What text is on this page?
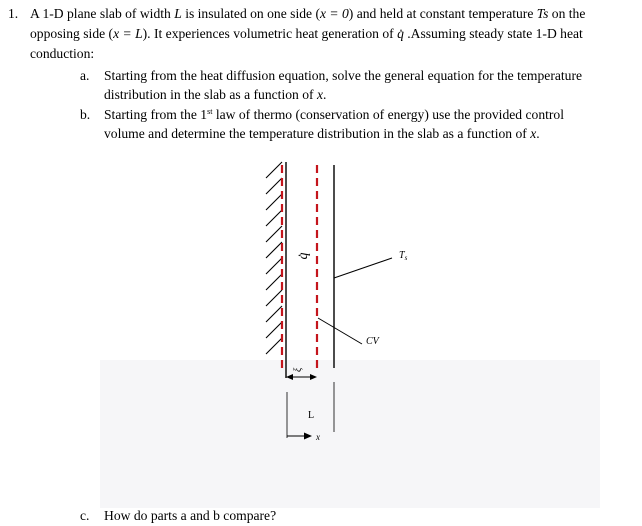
1. A 1-D plane slab of width L is insulated on one side (x = 0) and held at constant temperature Ts on the
opposing side (x = L). It experiences volumetric heat generation of q̇ .Assuming steady state 1-D heat
conduction:
a. Starting from the heat diffusion equation, solve the general equation for the temperature
distribution in the slab as a function of x.
b. Starting from the 1st law of thermo (conservation of energy) use the provided control
volume and determine the temperature distribution in the slab as a function of x.
$T_s$
CV
ξ
L
x
q̇
c. How do parts a and b compare?
